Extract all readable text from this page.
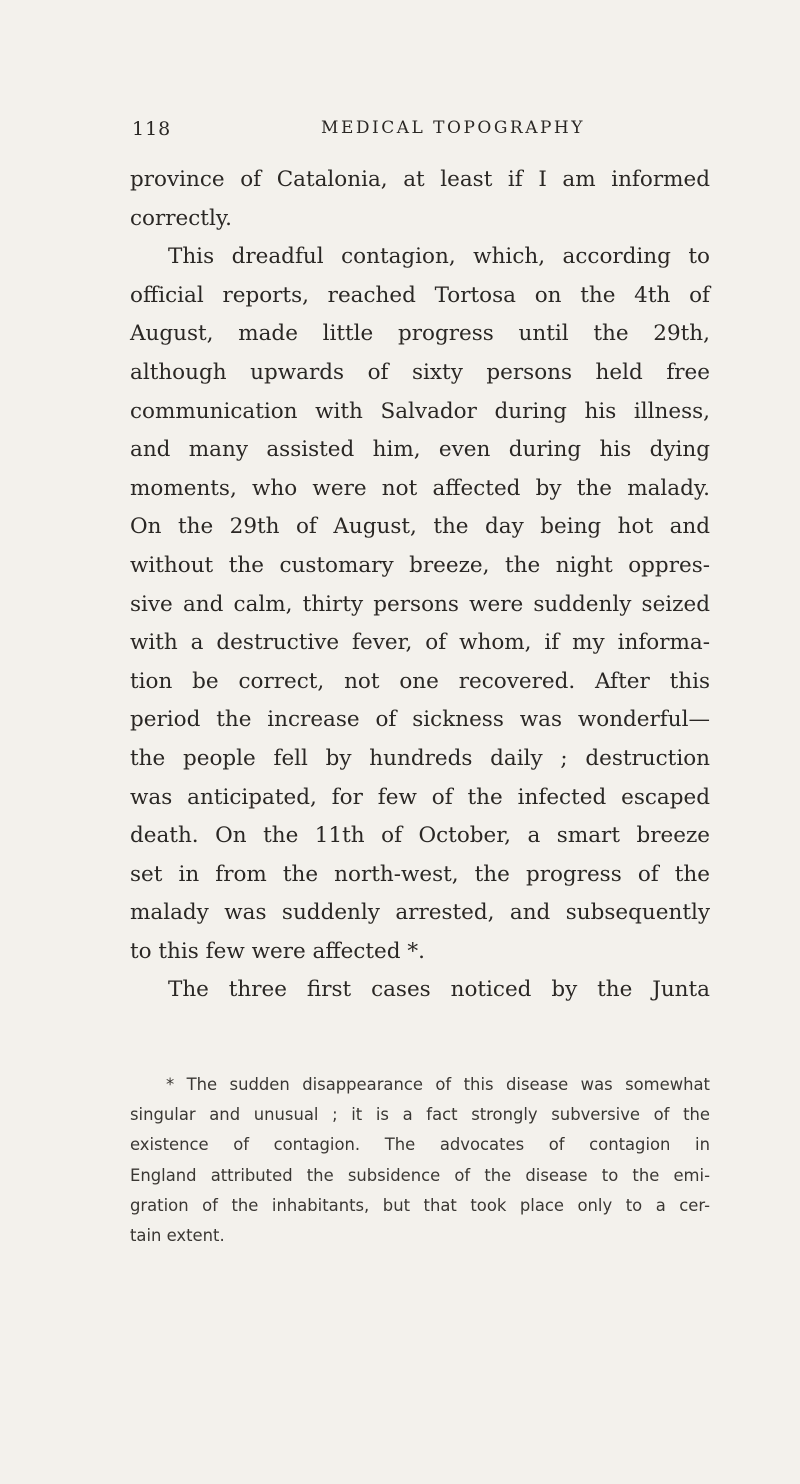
118	MEDICAL TOPOGRAPHY
province of Catalonia, at least if I am informed
correctly.
This dreadful contagion, which, according to
official reports, reached Tortosa on the 4th of
August, made little progress until the 29th,
although upwards of sixty persons held free
communication with Salvador during his illness,
and many assisted him, even during his dying
moments, who were not affected by the malady.
On the 29th of August, the day being hot and
without the customary breeze, the night oppres-
sive and calm, thirty persons were suddenly seized
with a destructive fever, of whom, if my informa-
tion be correct, not one recovered. After this
period the increase of sickness was wonderful—
the people fell by hundreds daily ; destruction
was anticipated, for few of the infected escaped
death. On the 11th of October, a smart breeze
set in from the north-west, the progress of the
malady was suddenly arrested, and subsequently
to this few were affected *.
The three first cases noticed by the Junta
* The sudden disappearance of this disease was somewhat
singular and unusual ; it is a fact strongly subversive of the
existence of contagion. The advocates of contagion in
England attributed the subsidence of the disease to the emi-
gration of the inhabitants, but that took place only to a cer-
tain extent.
